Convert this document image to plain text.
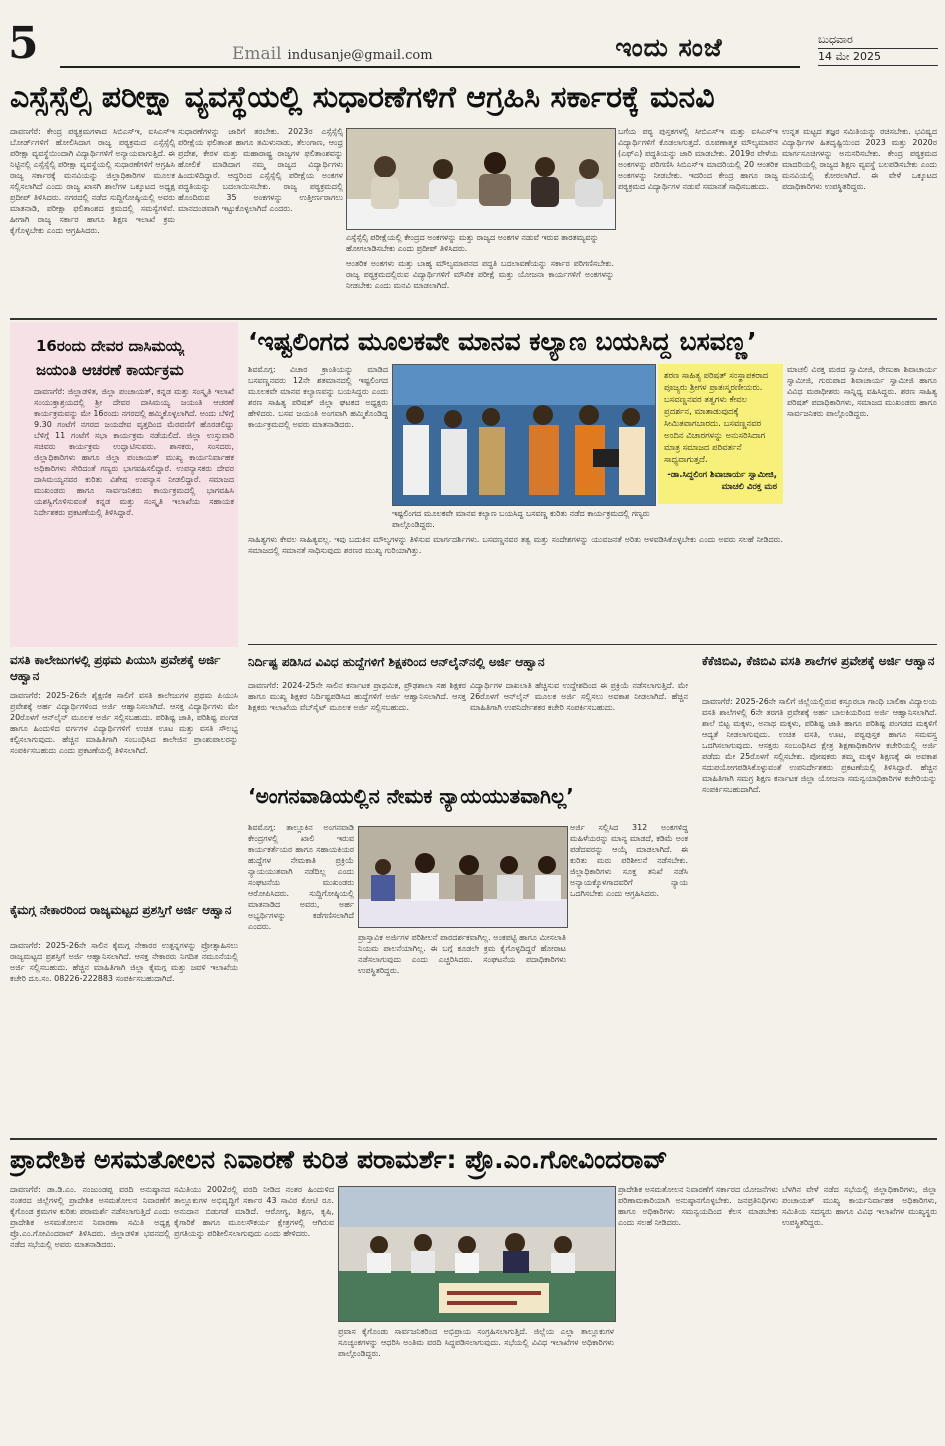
5	Email indusanje@gmail.com	ಇಂದು ಸಂಜೆ	ಬುಧವಾರ
14 ಮೇ 2025
ಎಸ್ಸೆಸ್ಸೆಲ್ಸಿ ಪರೀಕ್ಷಾ ವ್ಯವಸ್ಥೆಯಲ್ಲಿ ಸುಧಾರಣೆಗಳಿಗೆ ಆಗ್ರಹಿಸಿ ಸರ್ಕಾರಕ್ಕೆ ಮನವಿ
ದಾವಣಗೆರೆ: ಕೇಂದ್ರ ಪಠ್ಯಕ್ರಮಗಳಾದ ಸಿಬಿಎಸ್‍ಇ, ಐಸಿಎಸ್‍ಇ ಬೋರ್ಡ್‍ಗಳಿಗೆ ಹೋಲಿಸಿದಾಗ ರಾಜ್ಯ ಪಠ್ಯಕ್ರಮದ ಎಸ್ಸೆಸ್ಸೆಲ್ಸಿ ಪರೀಕ್ಷಾ ವ್ಯವಸ್ಥೆಯಿಂದಾಗಿ ವಿದ್ಯಾರ್ಥಿಗಳಿಗೆ ಅನ್ಯಾಯವಾಗುತ್ತಿದೆ. ಈ ನಿಟ್ಟಿನಲ್ಲಿ ಎಸ್ಸೆಸ್ಸೆಲ್ಸಿ ಪರೀಕ್ಷಾ ವ್ಯವಸ್ಥೆಯಲ್ಲಿ ಸುಧಾರಣೆಗಳಿಗೆ ಆಗ್ರಹಿಸಿ ರಾಜ್ಯ ಸರ್ಕಾರಕ್ಕೆ ಮನವಿಯನ್ನು ಜಿಲ್ಲಾಧಿಕಾರಿಗಳ ಮೂಲಕ ಸಲ್ಲಿಸಲಾಗಿದೆ ಎಂದು ರಾಜ್ಯ ಖಾಸಗಿ ಶಾಲೆಗಳ ಒಕ್ಕೂಟದ ಅಧ್ಯಕ್ಷ ಪ್ರದೀಪ್ ತಿಳಿಸಿದರು. ನಗರದಲ್ಲಿ ನಡೆದ ಸುದ್ದಿಗೋಷ್ಠಿಯಲ್ಲಿ ಅವರು ಮಾತನಾಡಿ, ಪರೀಕ್ಷಾ ಫಲಿತಾಂಶದ ಕ್ರಮದಲ್ಲಿ ಸಮಸ್ಯೆಗಳಿವೆ. ಹೀಗಾಗಿ ರಾಜ್ಯ ಸರ್ಕಾರ ಹಾಗೂ ಶಿಕ್ಷಣ ಇಲಾಖೆ ಕ್ರಮ ಕೈಗೊಳ್ಳಬೇಕು ಎಂದು ಆಗ್ರಹಿಸಿದರು.
ಸುಧಾರಣೆಗಳನ್ನು ಜಾರಿಗೆ ತರಬೇಕು. 2023ರ ಎಸ್ಸೆಸ್ಸೆಲ್ಸಿ ಪರೀಕ್ಷೆಯ ಫಲಿತಾಂಶ ಹಾಗೂ ತಮಿಳುನಾಡು, ತೆಲಂಗಾಣ, ಆಂಧ್ರ ಪ್ರದೇಶ, ಕೇರಳ ಮತ್ತು ಮಹಾರಾಷ್ಟ್ರ ರಾಜ್ಯಗಳ ಫಲಿತಾಂಶವನ್ನು ಹೋಲಿಕೆ ಮಾಡಿದಾಗ ನಮ್ಮ ರಾಜ್ಯದ ವಿದ್ಯಾರ್ಥಿಗಳು ಹಿಂದುಳಿದಿದ್ದಾರೆ. ಆದ್ದರಿಂದ ಎಸ್ಸೆಸ್ಸೆಲ್ಸಿ ಪರೀಕ್ಷೆಯ ಅಂಕಗಳ ಪದ್ಧತಿಯನ್ನು ಬದಲಾಯಿಸಬೇಕು. ರಾಜ್ಯ ಪಠ್ಯಕ್ರಮದಲ್ಲಿ ಹೊಂದಿರುವ 35 ಅಂಕಗಳನ್ನು ಉತ್ತೀರ್ಣರಾಗಲು ಮಾನದಂಡವಾಗಿ ಇಟ್ಟುಕೊಳ್ಳಲಾಗಿದೆ ಎಂದರು.
ಎಸ್ಸೆಸ್ಸೆಲ್ಸಿ ಪರೀಕ್ಷೆಯಲ್ಲಿ ಕೇಂದ್ರದ ಅಂಕಗಳನ್ನು ಮತ್ತು ರಾಜ್ಯದ ಅಂಕಗಳ ನಡುವೆ ಇರುವ ತಾರತಮ್ಯವನ್ನು ಹೋಗಲಾಡಿಸಬೇಕು ಎಂದು ಪ್ರದೀಪ್ ತಿಳಿಸಿದರು.
ಆಂತರಿಕ ಅಂಕಗಳು ಮತ್ತು ಬಾಹ್ಯ ಮೌಲ್ಯಮಾಪನದ ಪದ್ಧತಿ ಬದಲಾವಣೆಯನ್ನು ಸರ್ಕಾರ ಪರಿಗಣಿಸಬೇಕು. ರಾಜ್ಯ ಪಠ್ಯಕ್ರಮದಲ್ಲಿರುವ ವಿದ್ಯಾರ್ಥಿಗಳಿಗೆ ಮೌಖಿಕ ಪರೀಕ್ಷೆ ಮತ್ತು ಯೋಜನಾ ಕಾರ್ಯಗಳಿಗೆ ಅಂಕಗಳನ್ನು ನೀಡಬೇಕು ಎಂದು ಮನವಿ ಮಾಡಲಾಗಿದೆ.
ಬಗೆಯ ಪಠ್ಯ ಪುಸ್ತಕಗಳಲ್ಲಿ ಸೀಬಿಎಸ್‍ಇ ಮತ್ತು ಐಸಿಎಸ್‍ಇ ವಿದ್ಯಾರ್ಥಿಗಳಿಗೆ ಕೊಡಲಾಗುತ್ತದೆ. ರೂಪಣಾತ್ಮಕ ಮೌಲ್ಯಮಾಪನ (ಎಫ್‍ಎ) ಪದ್ಧತಿಯನ್ನು ಜಾರಿ ಮಾಡಬೇಕು. 2019ರ ವೇಳೆಯ ಅಂಕಗಳನ್ನು ಪರಿಗಣಿಸಿ ಸಿಬಿಎಸ್‍ಇ ಮಾದರಿಯಲ್ಲಿ 20 ಆಂತರಿಕ ಅಂಕಗಳನ್ನು ನೀಡಬೇಕು. ಇದರಿಂದ ಕೇಂದ್ರ ಹಾಗೂ ರಾಜ್ಯ ಪಠ್ಯಕ್ರಮದ ವಿದ್ಯಾರ್ಥಿಗಳ ನಡುವೆ ಸಮಾನತೆ ಸಾಧಿಸಬಹುದು.
ಉನ್ನತ ಮಟ್ಟದ ತಜ್ಞರ ಸಮಿತಿಯನ್ನು ರಚಿಸಬೇಕು. ಭವಿಷ್ಯದ ವಿದ್ಯಾರ್ಥಿಗಳ ಹಿತದೃಷ್ಟಿಯಿಂದ 2023 ಮತ್ತು 2020ರ ಮಾರ್ಗಸೂಚಿಗಳನ್ನು ಅನುಸರಿಸಬೇಕು. ಕೇಂದ್ರ ಪಠ್ಯಕ್ರಮದ ಮಾದರಿಯಲ್ಲಿ ರಾಜ್ಯದ ಶಿಕ್ಷಣ ವ್ಯವಸ್ಥೆ ಬಲಪಡಿಸಬೇಕು ಎಂದು ಮನವಿಯಲ್ಲಿ ಕೋರಲಾಗಿದೆ. ಈ ವೇಳೆ ಒಕ್ಕೂಟದ ಪದಾಧಿಕಾರಿಗಳು ಉಪಸ್ಥಿತರಿದ್ದರು.
16ರಂದು ದೇವರ ದಾಸಿಮಯ್ಯ
ಜಯಂತಿ ಆಚರಣೆ ಕಾರ್ಯಕ್ರಮ
ದಾವಣಗೆರೆ: ಜಿಲ್ಲಾಡಳಿತ, ಜಿಲ್ಲಾ ಪಂಚಾಯತ್, ಕನ್ನಡ ಮತ್ತು ಸಂಸ್ಕೃತಿ ಇಲಾಖೆ ಸಂಯುಕ್ತಾಶ್ರಯದಲ್ಲಿ ಶ್ರೀ ದೇವರ ದಾಸಿಮಯ್ಯ ಜಯಂತಿ ಆಚರಣೆ ಕಾರ್ಯಕ್ರಮವನ್ನು ಮೇ 16ರಂದು ನಗರದಲ್ಲಿ ಹಮ್ಮಿಕೊಳ್ಳಲಾಗಿದೆ. ಅಂದು ಬೆಳಿಗ್ಗೆ 9.30 ಗಂಟೆಗೆ ನಗರದ ಜಯದೇವ ವೃತ್ತದಿಂದ ಮೆರವಣಿಗೆ ಹೊರಡಲಿದ್ದು ಬೆಳಿಗ್ಗೆ 11 ಗಂಟೆಗೆ ಸಭಾ ಕಾರ್ಯಕ್ರಮ ನಡೆಯಲಿದೆ. ಜಿಲ್ಲಾ ಉಸ್ತುವಾರಿ ಸಚಿವರು ಕಾರ್ಯಕ್ರಮ ಉದ್ಘಾಟಿಸುವರು. ಶಾಸಕರು, ಸಂಸದರು, ಜಿಲ್ಲಾಧಿಕಾರಿಗಳು ಹಾಗೂ ಜಿಲ್ಲಾ ಪಂಚಾಯತ್ ಮುಖ್ಯ ಕಾರ್ಯನಿರ್ವಾಹಕ ಅಧಿಕಾರಿಗಳು ಸೇರಿದಂತೆ ಗಣ್ಯರು ಭಾಗವಹಿಸಲಿದ್ದಾರೆ. ಉಪನ್ಯಾಸಕರು ದೇವರ ದಾಸಿಮಯ್ಯನವರ ಕುರಿತು ವಿಶೇಷ ಉಪನ್ಯಾಸ ನೀಡಲಿದ್ದಾರೆ. ಸಮಾಜದ ಮುಖಂಡರು ಹಾಗೂ ಸಾರ್ವಜನಿಕರು ಕಾರ್ಯಕ್ರಮದಲ್ಲಿ ಭಾಗವಹಿಸಿ ಯಶಸ್ವಿಗೊಳಿಸುವಂತೆ ಕನ್ನಡ ಮತ್ತು ಸಂಸ್ಕೃತಿ ಇಲಾಖೆಯ ಸಹಾಯಕ ನಿರ್ದೇಶಕರು ಪ್ರಕಟಣೆಯಲ್ಲಿ ತಿಳಿಸಿದ್ದಾರೆ.
‘ಇಷ್ಟಲಿಂಗದ ಮೂಲಕವೇ ಮಾನವ ಕಲ್ಯಾಣ ಬಯಸಿದ್ದ ಬಸವಣ್ಣ’
ಶಿವಮೊಗ್ಗ: ವಿಚಾರ ಕ್ರಾಂತಿಯನ್ನು ಮಾಡಿದ ಬಸವಣ್ಣನವರು 12ನೇ ಶತಮಾನದಲ್ಲಿ ಇಷ್ಟಲಿಂಗದ ಮೂಲಕವೇ ಮಾನವ ಕಲ್ಯಾಣವನ್ನು ಬಯಸಿದ್ದರು ಎಂದು ಶರಣ ಸಾಹಿತ್ಯ ಪರಿಷತ್ ಜಿಲ್ಲಾ ಘಟಕದ ಅಧ್ಯಕ್ಷರು ಹೇಳಿದರು. ಬಸವ ಜಯಂತಿ ಅಂಗವಾಗಿ ಹಮ್ಮಿಕೊಂಡಿದ್ದ ಕಾರ್ಯಕ್ರಮದಲ್ಲಿ ಅವರು ಮಾತನಾಡಿದರು.
ಶರಣ ಸಾಹಿತ್ಯ ಪರಿಷತ್ ಸಂಸ್ಥಾಪಕರಾದ ಪೂಜ್ಯರು ಶ್ರೀಗಳ ಪ್ರಾತಃಸ್ಮರಣೀಯರು. ಬಸವಣ್ಣನವರ ತತ್ವಗಳು ಕೇವಲ ಪ್ರದರ್ಶನ, ಮಾತಾಡುವುದಕ್ಕೆ ಸೀಮಿತವಾಗಬಾರದು. ಬಸವಣ್ಣನವರ ಅಂದಿನ ವಿಚಾರಗಳನ್ನು ಅನುಸರಿಸಿದಾಗ ಮಾತ್ರ ಸಮಾಜದ ಪರಿವರ್ತನೆ ಸಾಧ್ಯವಾಗುತ್ತದೆ.
-ಡಾ.ಸಿದ್ದಲಿಂಗ ಶಿವಾಚಾರ್ಯ ಸ್ವಾಮೀಜಿ, ಮಾಚಲಿ ವಿರಕ್ತ ಮಠ
ಮಾಚಲಿ ವಿರಕ್ತ ಮಠದ ಸ್ವಾಮೀಜಿ, ರೇಣುಕಾ ಶಿವಾಚಾರ್ಯ ಸ್ವಾಮೀಜಿ, ಗುರುಪಾದ ಶಿವಾಚಾರ್ಯ ಸ್ವಾಮೀಜಿ ಹಾಗೂ ವಿವಿಧ ಮಠಾಧೀಶರು ಸಾನ್ನಿಧ್ಯ ವಹಿಸಿದ್ದರು. ಶರಣ ಸಾಹಿತ್ಯ ಪರಿಷತ್ ಪದಾಧಿಕಾರಿಗಳು, ಸಮಾಜದ ಮುಖಂಡರು ಹಾಗೂ ಸಾರ್ವಜನಿಕರು ಪಾಲ್ಗೊಂಡಿದ್ದರು.
ಇಷ್ಟಲಿಂಗದ ಮೂಲಕವೇ ಮಾನವ ಕಲ್ಯಾಣ ಬಯಸಿದ್ದ ಬಸವಣ್ಣ ಕುರಿತು ನಡೆದ ಕಾರ್ಯಕ್ರಮದಲ್ಲಿ ಗಣ್ಯರು ಪಾಲ್ಗೊಂಡಿದ್ದರು.
ಸಾಹಿತ್ಯಗಳು ಕೇವಲ ಸಾಹಿತ್ಯವಲ್ಲ. ಇವು ಬದುಕಿನ ಮೌಲ್ಯಗಳನ್ನು ತಿಳಿಸುವ ಮಾರ್ಗದರ್ಶಿಗಳು. ಬಸವಣ್ಣನವರ ತತ್ವ ಮತ್ತು ಸಂದೇಶಗಳನ್ನು ಯುವಜನತೆ ಅರಿತು ಅಳವಡಿಸಿಕೊಳ್ಳಬೇಕು ಎಂದು ಅವರು ಸಲಹೆ ನೀಡಿದರು. ಸಮಾಜದಲ್ಲಿ ಸಮಾನತೆ ಸಾಧಿಸುವುದು ಶರಣರ ಮುಖ್ಯ ಗುರಿಯಾಗಿತ್ತು.
ವಸತಿ ಕಾಲೇಜುಗಳಲ್ಲಿ ಪ್ರಥಮ ಪಿಯುಸಿ ಪ್ರವೇಶಕ್ಕೆ ಅರ್ಜಿ ಆಹ್ವಾನ
ದಾವಣಗೆರೆ: 2025-26ನೇ ಶೈಕ್ಷಣಿಕ ಸಾಲಿಗೆ ವಸತಿ ಕಾಲೇಜುಗಳ ಪ್ರಥಮ ಪಿಯುಸಿ ಪ್ರವೇಶಕ್ಕೆ ಅರ್ಹ ವಿದ್ಯಾರ್ಥಿಗಳಿಂದ ಅರ್ಜಿ ಆಹ್ವಾನಿಸಲಾಗಿದೆ. ಆಸಕ್ತ ವಿದ್ಯಾರ್ಥಿಗಳು ಮೇ 20ರೊಳಗೆ ಆನ್‍ಲೈನ್ ಮೂಲಕ ಅರ್ಜಿ ಸಲ್ಲಿಸಬಹುದು. ಪರಿಶಿಷ್ಟ ಜಾತಿ, ಪರಿಶಿಷ್ಟ ಪಂಗಡ ಹಾಗೂ ಹಿಂದುಳಿದ ವರ್ಗಗಳ ವಿದ್ಯಾರ್ಥಿಗಳಿಗೆ ಉಚಿತ ಊಟ ಮತ್ತು ವಸತಿ ಸೌಲಭ್ಯ ಕಲ್ಪಿಸಲಾಗುವುದು. ಹೆಚ್ಚಿನ ಮಾಹಿತಿಗಾಗಿ ಸಂಬಂಧಿಸಿದ ಕಾಲೇಜಿನ ಪ್ರಾಂಶುಪಾಲರನ್ನು ಸಂಪರ್ಕಿಸಬಹುದು ಎಂದು ಪ್ರಕಟಣೆಯಲ್ಲಿ ತಿಳಿಸಲಾಗಿದೆ.
ಕೈಮಗ್ಗ ನೇಕಾರರಿಂದ ರಾಜ್ಯಮಟ್ಟದ ಪ್ರಶಸ್ತಿಗೆ ಅರ್ಜಿ ಆಹ್ವಾನ
ದಾವಣಗೆರೆ: 2025-26ನೇ ಸಾಲಿನ ಕೈಮಗ್ಗ ನೇಕಾರರ ಉತ್ಪನ್ನಗಳನ್ನು ಪ್ರೋತ್ಸಾಹಿಸಲು ರಾಜ್ಯಮಟ್ಟದ ಪ್ರಶಸ್ತಿಗೆ ಅರ್ಜಿ ಆಹ್ವಾನಿಸಲಾಗಿದೆ. ಆಸಕ್ತ ನೇಕಾರರು ನಿಗದಿತ ನಮೂನೆಯಲ್ಲಿ ಅರ್ಜಿ ಸಲ್ಲಿಸಬಹುದು. ಹೆಚ್ಚಿನ ಮಾಹಿತಿಗಾಗಿ ಜಿಲ್ಲಾ ಕೈಮಗ್ಗ ಮತ್ತು ಜವಳಿ ಇಲಾಖೆಯ ಕಚೇರಿ ದೂ.ಸಂ. 08226-222883 ಸಂಪರ್ಕಿಸಬಹುದಾಗಿದೆ.
ನಿರ್ದಿಷ್ಟ ಪಡಿಸಿದ ವಿವಿಧ ಹುದ್ದೆಗಳಿಗೆ ಶಿಕ್ಷಕರಿಂದ ಆನ್‍ಲೈನ್‍ನಲ್ಲಿ ಅರ್ಜಿ ಆಹ್ವಾನ
ದಾವಣಗೆರೆ: 2024-25ನೇ ಸಾಲಿನ ಕರ್ನಾಟಕ ಪ್ರಾಥಮಿಕ, ಪ್ರೌಢಶಾಲಾ ಸಹ ಶಿಕ್ಷಕರ ಹಾಗೂ ಮುಖ್ಯ ಶಿಕ್ಷಕರ ನಿರ್ದಿಷ್ಟಪಡಿಸಿದ ಹುದ್ದೆಗಳಿಗೆ ಅರ್ಜಿ ಆಹ್ವಾನಿಸಲಾಗಿದೆ. ಆಸಕ್ತ ಶಿಕ್ಷಕರು ಇಲಾಖೆಯ ವೆಬ್‍ಸೈಟ್ ಮೂಲಕ ಅರ್ಜಿ ಸಲ್ಲಿಸಬಹುದು.
ವಿದ್ಯಾರ್ಥಿಗಳ ದಾಖಲಾತಿ ಹೆಚ್ಚಿಸುವ ಉದ್ದೇಶದಿಂದ ಈ ಪ್ರಕ್ರಿಯೆ ನಡೆಸಲಾಗುತ್ತಿದೆ. ಮೇ 26ರೊಳಗೆ ಆನ್‍ಲೈನ್ ಮೂಲಕ ಅರ್ಜಿ ಸಲ್ಲಿಸಲು ಅವಕಾಶ ನೀಡಲಾಗಿದೆ. ಹೆಚ್ಚಿನ ಮಾಹಿತಿಗಾಗಿ ಉಪನಿರ್ದೇಶಕರ ಕಚೇರಿ ಸಂಪರ್ಕಿಸಬಹುದು.
ಕೆಕೆಜಿಬಿವಿ, ಕೆಜಿಬಿವಿ ವಸತಿ ಶಾಲೆಗಳ ಪ್ರವೇಶಕ್ಕೆ ಅರ್ಜಿ ಆಹ್ವಾನ
ದಾವಣಗೆರೆ: 2025-26ನೇ ಸಾಲಿಗೆ ಜಿಲ್ಲೆಯಲ್ಲಿರುವ ಕಸ್ತೂರಬಾ ಗಾಂಧಿ ಬಾಲಿಕಾ ವಿದ್ಯಾಲಯ ವಸತಿ ಶಾಲೆಗಳಲ್ಲಿ 6ನೇ ತರಗತಿ ಪ್ರವೇಶಕ್ಕೆ ಅರ್ಹ ಬಾಲಕಿಯರಿಂದ ಅರ್ಜಿ ಆಹ್ವಾನಿಸಲಾಗಿದೆ. ಶಾಲೆ ಬಿಟ್ಟ ಮಕ್ಕಳು, ಅನಾಥ ಮಕ್ಕಳು, ಪರಿಶಿಷ್ಟ ಜಾತಿ ಹಾಗೂ ಪರಿಶಿಷ್ಟ ಪಂಗಡದ ಮಕ್ಕಳಿಗೆ ಆದ್ಯತೆ ನೀಡಲಾಗುವುದು. ಉಚಿತ ವಸತಿ, ಊಟ, ಪಠ್ಯಪುಸ್ತಕ ಹಾಗೂ ಸಮವಸ್ತ್ರ ಒದಗಿಸಲಾಗುವುದು. ಆಸಕ್ತರು ಸಂಬಂಧಿಸಿದ ಕ್ಷೇತ್ರ ಶಿಕ್ಷಣಾಧಿಕಾರಿಗಳ ಕಚೇರಿಯಲ್ಲಿ ಅರ್ಜಿ ಪಡೆದು ಮೇ 25ರೊಳಗೆ ಸಲ್ಲಿಸಬೇಕು. ಪೋಷಕರು ತಮ್ಮ ಮಕ್ಕಳ ಶಿಕ್ಷಣಕ್ಕೆ ಈ ಅವಕಾಶ ಸದುಪಯೋಗಪಡಿಸಿಕೊಳ್ಳುವಂತೆ ಉಪನಿರ್ದೇಶಕರು ಪ್ರಕಟಣೆಯಲ್ಲಿ ತಿಳಿಸಿದ್ದಾರೆ. ಹೆಚ್ಚಿನ ಮಾಹಿತಿಗಾಗಿ ಸಮಗ್ರ ಶಿಕ್ಷಣ ಕರ್ನಾಟಕ ಜಿಲ್ಲಾ ಯೋಜನಾ ಸಮನ್ವಯಾಧಿಕಾರಿಗಳ ಕಚೇರಿಯನ್ನು ಸಂಪರ್ಕಿಸಬಹುದಾಗಿದೆ.
‘ಅಂಗನವಾಡಿಯಲ್ಲಿನ ನೇಮಕ ನ್ಯಾಯಯುತವಾಗಿಲ್ಲ’
ಶಿವಮೊಗ್ಗ: ತಾಲ್ಲೂಕಿನ ಅಂಗನವಾಡಿ ಕೇಂದ್ರಗಳಲ್ಲಿ ಖಾಲಿ ಇರುವ ಕಾರ್ಯಕರ್ತೆಯರ ಹಾಗೂ ಸಹಾಯಕಿಯರ ಹುದ್ದೆಗಳ ನೇಮಕಾತಿ ಪ್ರಕ್ರಿಯೆ ನ್ಯಾಯಯುತವಾಗಿ ನಡೆದಿಲ್ಲ ಎಂದು ಸಂಘಟನೆಯ ಮುಖಂಡರು ಆರೋಪಿಸಿದರು. ಸುದ್ದಿಗೋಷ್ಠಿಯಲ್ಲಿ ಮಾತನಾಡಿದ ಅವರು, ಅರ್ಹ ಅಭ್ಯರ್ಥಿಗಳನ್ನು ಕಡೆಗಣಿಸಲಾಗಿದೆ ಎಂದರು.
ಅರ್ಜಿ ಸಲ್ಲಿಸಿದ 312 ಅಂಕಗಳಿದ್ದ ಮಹಿಳೆಯರನ್ನು ಮಾನ್ಯ ಮಾಡದೆ, ಕಡಿಮೆ ಅಂಕ ಪಡೆದವರನ್ನು ಆಯ್ಕೆ ಮಾಡಲಾಗಿದೆ. ಈ ಕುರಿತು ಮರು ಪರಿಶೀಲನೆ ನಡೆಸಬೇಕು. ಜಿಲ್ಲಾಧಿಕಾರಿಗಳು ಸೂಕ್ತ ತನಿಖೆ ನಡೆಸಿ ಅನ್ಯಾಯಕ್ಕೊಳಗಾದವರಿಗೆ ನ್ಯಾಯ ಒದಗಿಸಬೇಕು ಎಂದು ಆಗ್ರಹಿಸಿದರು.
ಪ್ರಾಸ್ತಾವಿಕ ಅರ್ಜಿಗಳ ಪರಿಶೀಲನೆ ಪಾರದರ್ಶಕವಾಗಿಲ್ಲ. ಅಂಕಪಟ್ಟಿ ಹಾಗೂ ಮೀಸಲಾತಿ ನಿಯಮ ಪಾಲನೆಯಾಗಿಲ್ಲ. ಈ ಬಗ್ಗೆ ಕೂಡಲೇ ಕ್ರಮ ಕೈಗೊಳ್ಳದಿದ್ದರೆ ಹೋರಾಟ ನಡೆಸಲಾಗುವುದು ಎಂದು ಎಚ್ಚರಿಸಿದರು. ಸಂಘಟನೆಯ ಪದಾಧಿಕಾರಿಗಳು ಉಪಸ್ಥಿತರಿದ್ದರು.
ಪ್ರಾದೇಶಿಕ ಅಸಮತೋಲನ ನಿವಾರಣೆ ಕುರಿತ ಪರಾಮರ್ಶೆ: ಪ್ರೊ.ಎಂ.ಗೋವಿಂದರಾವ್
ದಾವಣಗೆರೆ: ಡಾ.ಡಿ.ಎಂ. ನಂಜುಂಡಪ್ಪ ವರದಿ ಅನುಷ್ಠಾನದ ನಂತರದ ಜಿಲ್ಲೆಗಳಲ್ಲಿ ಪ್ರಾದೇಶಿಕ ಅಸಮತೋಲನ ನಿವಾರಣೆಗೆ ಕೈಗೊಂಡ ಕ್ರಮಗಳ ಕುರಿತು ಪರಾಮರ್ಶೆ ನಡೆಸಲಾಗುತ್ತಿದೆ ಎಂದು ಪ್ರಾದೇಶಿಕ ಅಸಮತೋಲನ ನಿವಾರಣಾ ಸಮಿತಿ ಅಧ್ಯಕ್ಷ ಪ್ರೊ.ಎಂ.ಗೋವಿಂದರಾವ್ ತಿಳಿಸಿದರು. ಜಿಲ್ಲಾಡಳಿತ ಭವನದಲ್ಲಿ ನಡೆದ ಸಭೆಯಲ್ಲಿ ಅವರು ಮಾತನಾಡಿದರು.
ಸಮಿತಿಯು 2002ರಲ್ಲಿ ವರದಿ ನೀಡಿದ ನಂತರ ಹಿಂದುಳಿದ ತಾಲ್ಲೂಕುಗಳ ಅಭಿವೃದ್ಧಿಗೆ ಸರ್ಕಾರ 43 ಸಾವಿರ ಕೋಟಿ ರೂ. ಅನುದಾನ ಬಿಡುಗಡೆ ಮಾಡಿದೆ. ಆರೋಗ್ಯ, ಶಿಕ್ಷಣ, ಕೃಷಿ, ಕೈಗಾರಿಕೆ ಹಾಗೂ ಮೂಲಸೌಕರ್ಯ ಕ್ಷೇತ್ರಗಳಲ್ಲಿ ಆಗಿರುವ ಪ್ರಗತಿಯನ್ನು ಪರಿಶೀಲಿಸಲಾಗುವುದು ಎಂದು ಹೇಳಿದರು.
ಪ್ರವಾಸ ಕೈಗೊಂಡು ಸಾರ್ವಜನಿಕರಿಂದ ಅಭಿಪ್ರಾಯ ಸಂಗ್ರಹಿಸಲಾಗುತ್ತಿದೆ. ಜಿಲ್ಲೆಯ ಎಲ್ಲಾ ತಾಲ್ಲೂಕುಗಳ ಸೂಚ್ಯಂಕಗಳನ್ನು ಆಧರಿಸಿ ಅಂತಿಮ ವರದಿ ಸಿದ್ಧಪಡಿಸಲಾಗುವುದು. ಸಭೆಯಲ್ಲಿ ವಿವಿಧ ಇಲಾಖೆಗಳ ಅಧಿಕಾರಿಗಳು ಪಾಲ್ಗೊಂಡಿದ್ದರು.
ಪ್ರಾದೇಶಿಕ ಅಸಮತೋಲನ ನಿವಾರಣೆಗೆ ಸರ್ಕಾರದ ಯೋಜನೆಗಳು ಪರಿಣಾಮಕಾರಿಯಾಗಿ ಅನುಷ್ಠಾನಗೊಳ್ಳಬೇಕು. ಜನಪ್ರತಿನಿಧಿಗಳು ಹಾಗೂ ಅಧಿಕಾರಿಗಳು ಸಮನ್ವಯದಿಂದ ಕೆಲಸ ಮಾಡಬೇಕು ಎಂದು ಸಲಹೆ ನೀಡಿದರು.
ಬೆಳಗಿನ ವೇಳೆ ನಡೆದ ಸಭೆಯಲ್ಲಿ ಜಿಲ್ಲಾಧಿಕಾರಿಗಳು, ಜಿಲ್ಲಾ ಪಂಚಾಯತ್ ಮುಖ್ಯ ಕಾರ್ಯನಿರ್ವಾಹಕ ಅಧಿಕಾರಿಗಳು, ಸಮಿತಿಯ ಸದಸ್ಯರು ಹಾಗೂ ವಿವಿಧ ಇಲಾಖೆಗಳ ಮುಖ್ಯಸ್ಥರು ಉಪಸ್ಥಿತರಿದ್ದರು.
